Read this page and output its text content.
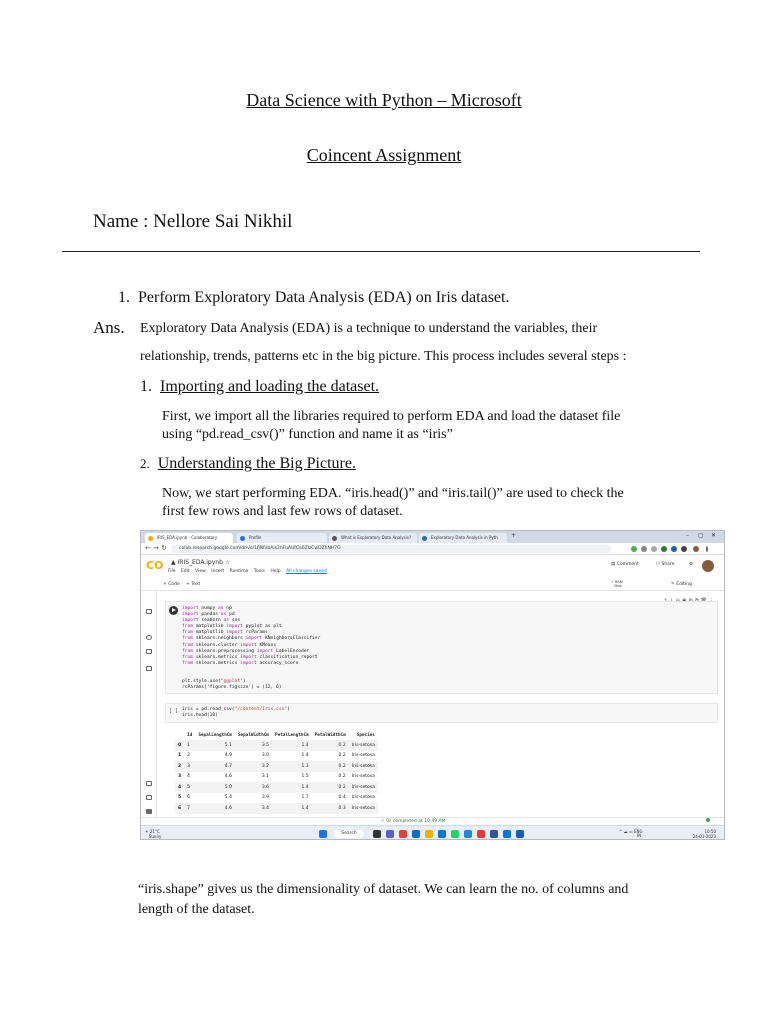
Data Science with Python – Microsoft
Coincent Assignment
Name : Nellore Sai Nikhil
1. Perform Exploratory Data Analysis (EDA) on Iris dataset.
Ans. Exploratory Data Analysis (EDA) is a technique to understand the variables, their
relationship, trends, patterns etc in the big picture. This process includes several steps :
1. Importing and loading the dataset.
First, we import all the libraries required to perform EDA and load the dataset file
using “pd.read_csv()” function and name it as “iris”
2. Understanding the Big Picture.
Now, we start performing EDA. “iris.head()” and “iris.tail()” are used to check the
first few rows and last few rows of dataset.
IRIS_EDA.ipynb - Colaboratory	Profile	What is Exploratory Data Analysis?	Exploratory Data Analysis in Pyth	+	– ▢ ✕
← → ↻	colab.research.google.com/drive/1fiNfxbAis2hFuAUfCa0ZlzCwDZhNH7G
CO ▲ IRIS_EDA.ipynb ☆
File Edit View Insert Runtime Tools Help All changes saved
▤ Comment	⚇ Share	⚙
+ Code + Text	✓ RAM
Disk	✎ Editing
import numpy as np
import pandas as pd
import seaborn as sns
from matplotlib import pyplot as plt
from matplotlib import rcParams
from sklearn.neighbors import KNeighborsClassifier
from sklearn.cluster import KMeans
from sklearn.preprocessing import LabelEncoder
from sklearn.metrics import classification_report
from sklearn.metrics import accuracy_score

plt.style.use("ggplot")
rcParams['figure.figsize'] = (12, 6)
[ ] iris = pd.read_csv("/content/Iris.csv")
iris.head(10)
	Id	SepalLengthCm	SepalWidthCm	PetalLengthCm	PetalWidthCm	Species
0	1	5.1	3.5	1.4	0.2	Iris-setosa
1	2	4.9	3.0	1.4	0.2	Iris-setosa
2	3	4.7	3.2	1.3	0.2	Iris-setosa
3	4	4.6	3.1	1.5	0.2	Iris-setosa
4	5	5.0	3.6	1.4	0.2	Iris-setosa
5	6	5.4	3.9	1.7	0.4	Iris-setosa
6	7	4.6	3.4	1.4	0.3	Iris-setosa
✓ 0s completed at 10:49 AM
☀ 21°C
Sunny
Search	^ ☁ ▭ ENG
IN
10:50
24-01-2023
“iris.shape” gives us the dimensionality of dataset. We can learn the no. of columns and
length of the dataset.
